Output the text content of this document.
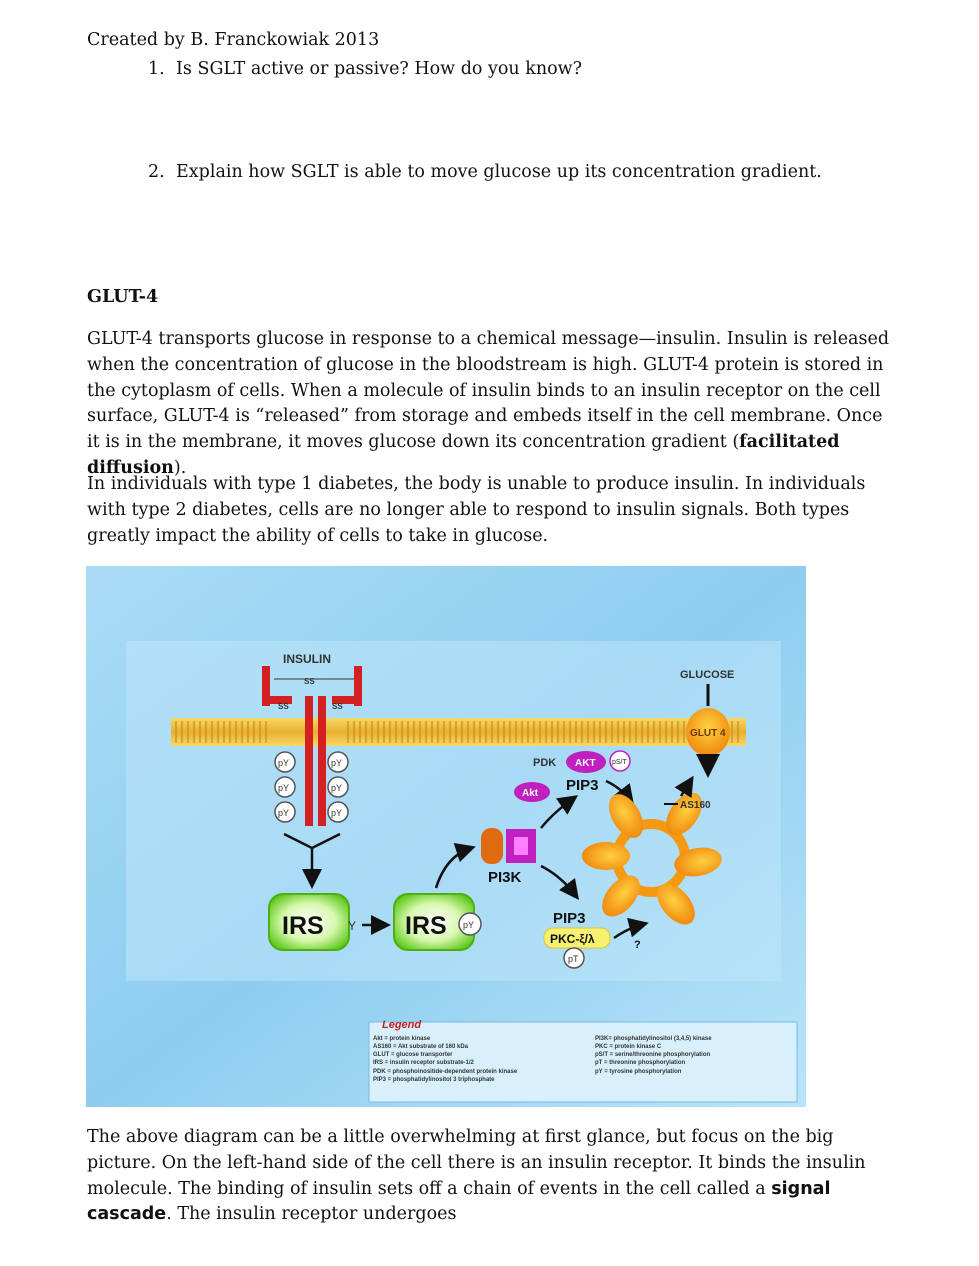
Created by B. Franckowiak 2013
1. Is SGLT active or passive? How do you know?
2. Explain how SGLT is able to move glucose up its concentration gradient.
GLUT-4
GLUT-4 transports glucose in response to a chemical message—insulin. Insulin is released when the concentration of glucose in the bloodstream is high. GLUT-4 protein is stored in the cytoplasm of cells. When a molecule of insulin binds to an insulin receptor on the cell surface, GLUT-4 is “released” from storage and embeds itself in the cell membrane. Once it is in the membrane, it moves glucose down its concentration gradient (facilitated diffusion).
In individuals with type 1 diabetes, the body is unable to produce insulin. In individuals with type 2 diabetes, cells are no longer able to respond to insulin signals. Both types greatly impact the ability of cells to take in glucose.
INSULIN
SS
SS	SS
pY
pY
pY
pY
pY
pY
IRS Y IRS pY
PI3K
PDK AKT pS/T
PIP3
Akt
PIP3
PKC-ξ/λ
pT
?
GLUCOSE
GLUT 4
AS160
Legend
Akt = protein kinase
AS160 = Akt substrate of 160 kDa
GLUT = glucose transporter
IRS = insulin receptor substrate-1/2
PDK = phosphoinositide-dependent protein kinase
PIP3 = phosphatidylinositol 3 triphosphate
PI3K= phosphatidylinositol (3,4,5) kinase
PKC = protein kinase C
pS/T = serine/threonine phosphorylation
pT = threonine phosphorylation
pY = tyrosine phosphorylation
The above diagram can be a little overwhelming at first glance, but focus on the big picture. On the left-hand side of the cell there is an insulin receptor. It binds the insulin molecule. The binding of insulin sets off a chain of events in the cell called a signal cascade. The insulin receptor undergoes
